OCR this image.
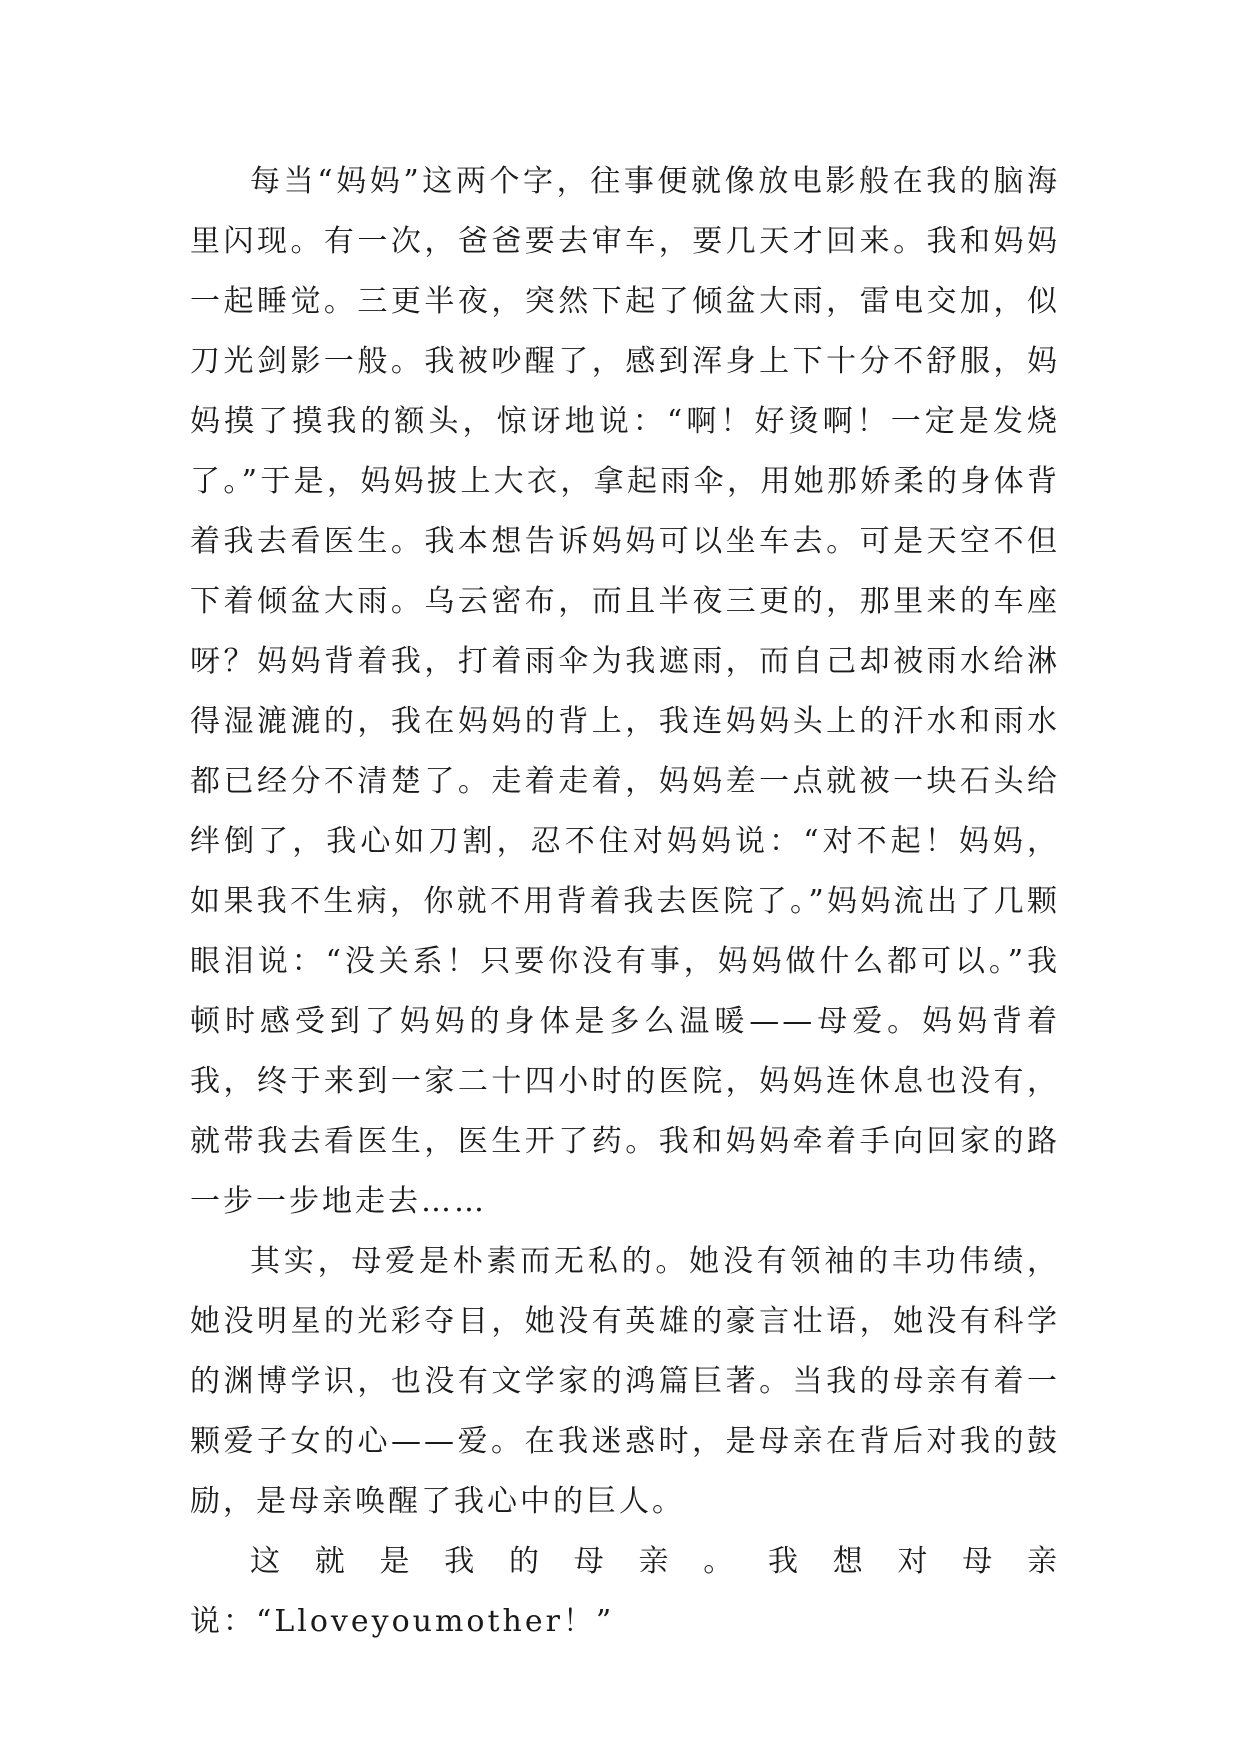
每当“妈妈”这两个字，往事便就像放电影般在我的脑海里闪现。有一次，爸爸要去审车，要几天才回来。我和妈妈一起睡觉。三更半夜，突然下起了倾盆大雨，雷电交加，似刀光剑影一般。我被吵醒了，感到浑身上下十分不舒服，妈妈摸了摸我的额头，惊讶地说：“啊！好烫啊！一定是发烧了。”于是，妈妈披上大衣，拿起雨伞，用她那娇柔的身体背着我去看医生。我本想告诉妈妈可以坐车去。可是天空不但下着倾盆大雨。乌云密布，而且半夜三更的，那里来的车座呀？妈妈背着我，打着雨伞为我遮雨，而自己却被雨水给淋得湿漉漉的，我在妈妈的背上，我连妈妈头上的汗水和雨水都已经分不清楚了。走着走着，妈妈差一点就被一块石头给绊倒了，我心如刀割，忍不住对妈妈说：“对不起！妈妈，如果我不生病，你就不用背着我去医院了。”妈妈流出了几颗眼泪说：“没关系！只要你没有事，妈妈做什么都可以。”我顿时感受到了妈妈的身体是多么温暖——母爱。妈妈背着我，终于来到一家二十四小时的医院，妈妈连休息也没有，就带我去看医生，医生开了药。我和妈妈牵着手向回家的路一步一步地走去……

其实，母爱是朴素而无私的。她没有领袖的丰功伟绩，她没明星的光彩夺目，她没有英雄的豪言壮语，她没有科学的渊博学识，也没有文学家的鸿篇巨著。当我的母亲有着一颗爱子女的心——爱。在我迷惑时，是母亲在背后对我的鼓励，是母亲唤醒了我心中的巨人。

这就是我的母亲。我想对母亲说：“Lloveyoumother！”
